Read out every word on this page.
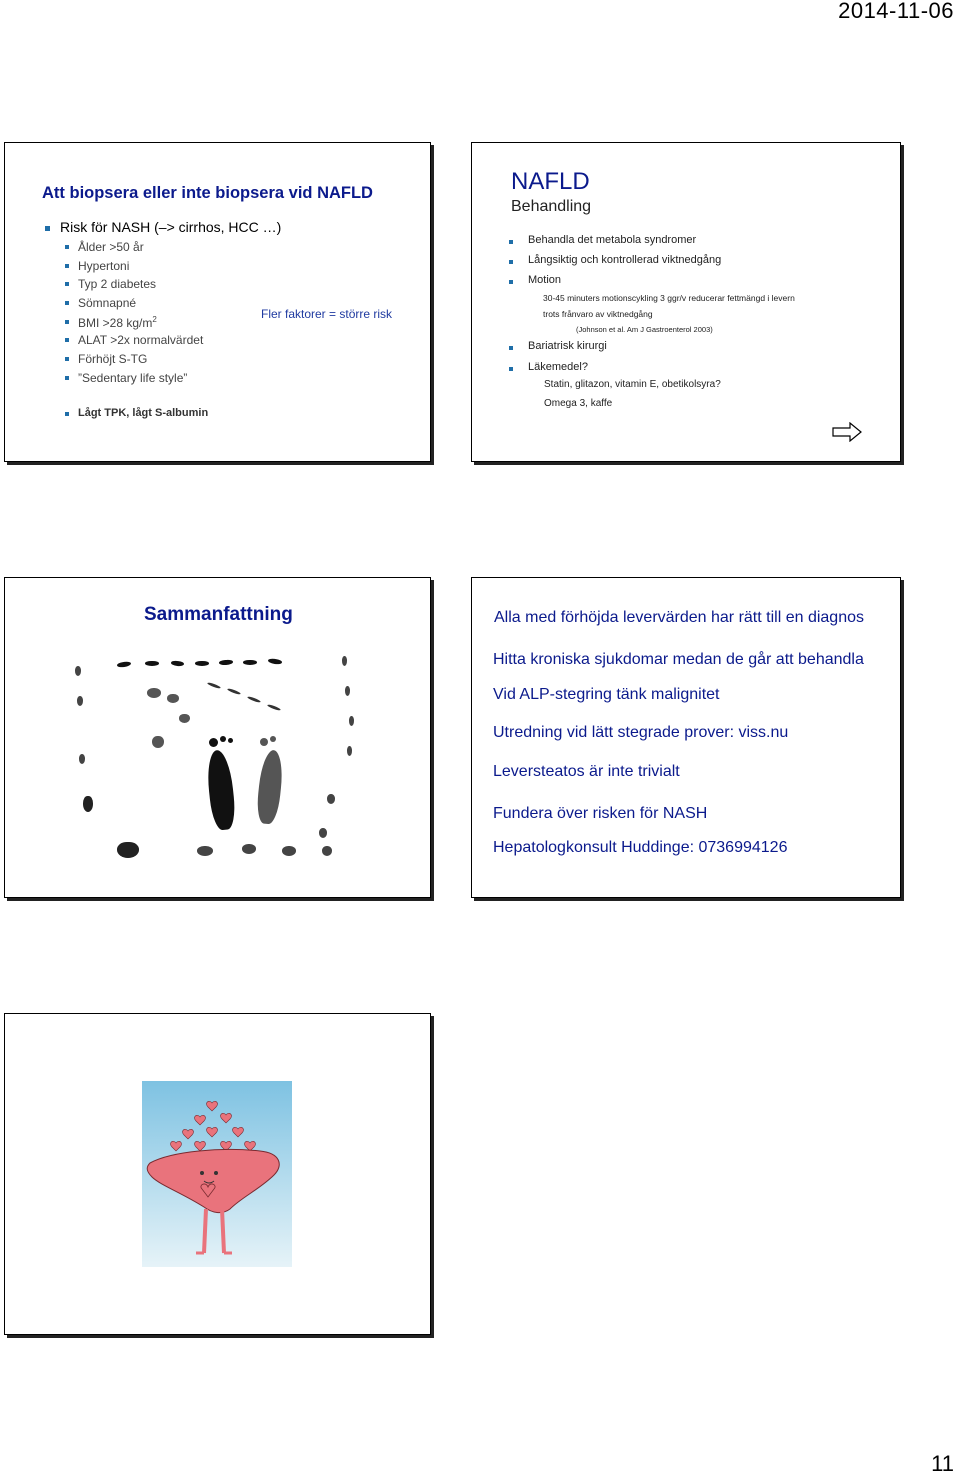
2014-11-06
Att biopsera eller inte biopsera vid NAFLD
Risk för NASH (–> cirrhos, HCC …)
Ålder >50 år
Hypertoni
Typ 2 diabetes
Sömnapné
BMI >28 $kg/m^2$
ALAT >2x normalvärdet
Förhöjt S-TG
”Sedentary life style”
Fler faktorer = större risk
Lågt TPK, lågt S-albumin
NAFLD
Behandling
Behandla det metabola syndromer
Långsiktig och kontrollerad viktnedgång
Motion
30-45 minuters motionscykling 3 ggr/v reducerar fettmängd i levern
trots frånvaro av viktnedgång
(Johnson et al. Am J Gastroenterol 2003)
Bariatrisk kirurgi
Läkemedel?
Statin, glitazon, vitamin E, obetikolsyra?
Omega 3, kaffe
Sammanfattning	Alla med förhöjda levervärden har rätt till en diagnos
Hitta kroniska sjukdomar medan de går att behandla
Vid ALP-stegring tänk malignitet
Utredning vid lätt stegrade prover: viss.nu
Leversteatos är inte trivialt
Fundera över risken för NASH
Hepatologkonsult Huddinge: 0736994126
11
